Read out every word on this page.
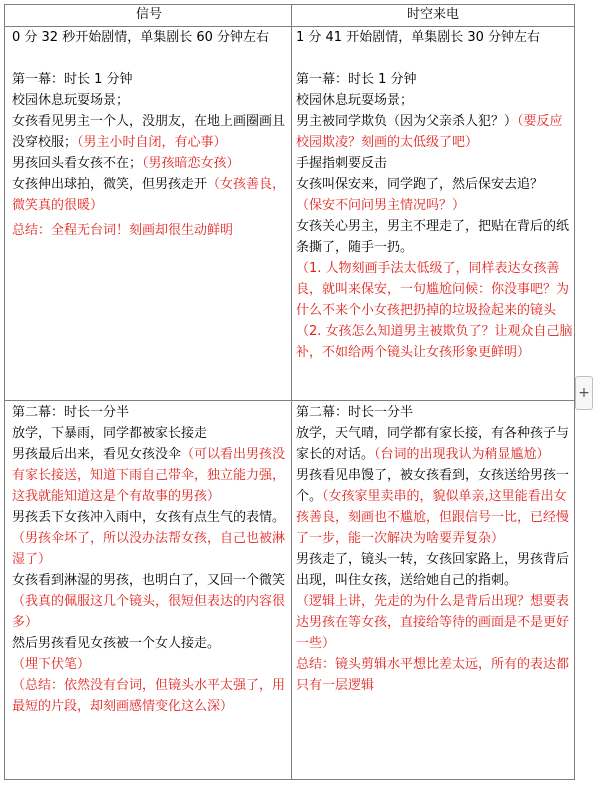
信号	时空来电

0 分 32 秒开始剧情，单集剧长 60 分钟左右

第一幕：时长 1 分钟

校园休息玩耍场景；

女孩看见男主一个人，没朋友，在地上画圈画且没穿校服；（男主小时自闭，有心事）

男孩回头看女孩不在；（男孩暗恋女孩）

女孩伸出球拍，微笑，但男孩走开（女孩善良，微笑真的很暖）

总结：全程无台词！刻画却很生动鲜明

1 分 41 开始剧情，单集剧长 30 分钟左右

第一幕：时长 1 分钟

校园休息玩耍场景；

男主被同学欺负（因为父亲杀人犯？）（要反应校园欺凌？刻画的太低级了吧）

手握指刺要反击

女孩叫保安来，同学跑了，然后保安去追？

（保安不问问男主情况吗？）

女孩关心男主，男主不理走了，把贴在背后的纸条撕了，随手一扔。

（1. 人物刻画手法太低级了，同样表达女孩善良，就叫来保安，一句尴尬问候：你没事吧？为什么不来个小女孩把扔掉的垃圾捡起来的镜头

（2. 女孩怎么知道男主被欺负了？让观众自己脑补，不如给两个镜头让女孩形象更鲜明）

第二幕：时长一分半

放学，下暴雨，同学都被家长接走

男孩最后出来，看见女孩没伞（可以看出男孩没有家长接送，知道下雨自己带伞，独立能力强，这我就能知道这是个有故事的男孩）

男孩丢下女孩冲入雨中，女孩有点生气的表情。（男孩伞坏了，所以没办法帮女孩，自己也被淋湿了）

女孩看到淋湿的男孩，也明白了，又回一个微笑（我真的佩服这几个镜头，很短但表达的内容很多）

然后男孩看见女孩被一个女人接走。（埋下伏笔）

（总结：依然没有台词，但镜头水平太强了，用最短的片段，却刻画感情变化这么深）

第二幕：时长一分半

放学，天气晴，同学都有家长接，有各种孩子与家长的对话。（台词的出现我认为稍显尴尬）

男孩看见串馒了，被女孩看到，女孩送给男孩一个。（女孩家里卖串的，貌似单亲,这里能看出女孩善良，刻画也不尴尬，但跟信号一比，已经慢了一步，能一次解决为啥要弄复杂）

男孩走了，镜头一转，女孩回家路上，男孩背后出现，叫住女孩，送给她自己的指刺。

（逻辑上讲，先走的为什么是背后出现？想要表达男孩在等女孩，直接给等待的画面是不是更好一些）

总结：镜头剪辑水平想比差太远，所有的表达都只有一层逻辑

+
